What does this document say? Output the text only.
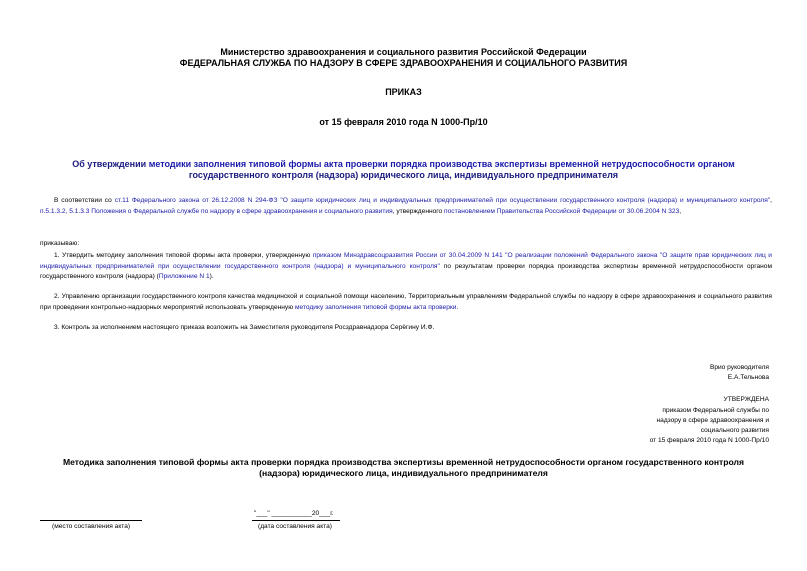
Министерство здравоохранения и социального развития Российской Федерации
ФЕДЕРАЛЬНАЯ СЛУЖБА ПО НАДЗОРУ В СФЕРЕ ЗДРАВООХРАНЕНИЯ И СОЦИАЛЬНОГО РАЗВИТИЯ
ПРИКАЗ
от 15 февраля 2010 года N 1000-Пр/10
Об утверждении методики заполнения типовой формы акта проверки порядка производства экспертизы временной нетрудоспособности органом
государственного контроля (надзора) юридического лица, индивидуального предпринимателя
В соответствии со ст.11 Федерального закона от 26.12.2008 N 294-ФЗ "О защите юридических лиц и индивидуальных предпринимателей при осуществлении государственного контроля (надзора) и муниципального контроля", п.5.1.3.2, 5.1.3.3 Положения о Федеральной службе по надзору в сфере здравоохранения и социального развития, утвержденного постановлением Правительства Российской Федерации от 30.06.2004 N 323,
приказываю:
1. Утвердить методику заполнения типовой формы акта проверки, утвержденную приказом Минздравсоцразвития России от 30.04.2009 N 141 "О реализации положений Федерального закона "О защите прав юридических лиц и индивидуальных предпринимателей при осуществлении государственного контроля (надзора) и муниципального контроля" по результатам проверки порядка производства экспертизы временной нетрудоспособности органом государственного контроля (надзора) (Приложение N 1).
2. Управлению организации государственного контроля качества медицинской и социальной помощи населению, Территориальным управлениям Федеральной службы по надзору в сфере здравоохранения и социального развития при проведении контрольно-надзорных мероприятий использовать утвержденную методику заполнения типовой формы акта проверки.
3. Контроль за исполнением настоящего приказа возложить на Заместителя руководителя Росздравнадзора Серёгину И.Ф.
Врио руководителя
Е.А.Тельнова
УТВЕРЖДЕНА
приказом Федеральной службы по
надзору в сфере здравоохранения и
социального развития
от 15 февраля 2010 года N 1000-Пр/10
Методика заполнения типовой формы акта проверки порядка производства экспертизы временной нетрудоспособности органом государственного контроля
(надзора) юридического лица, индивидуального предпринимателя
(место составления акта)
"___" ___________20___г.
(дата составления акта)
